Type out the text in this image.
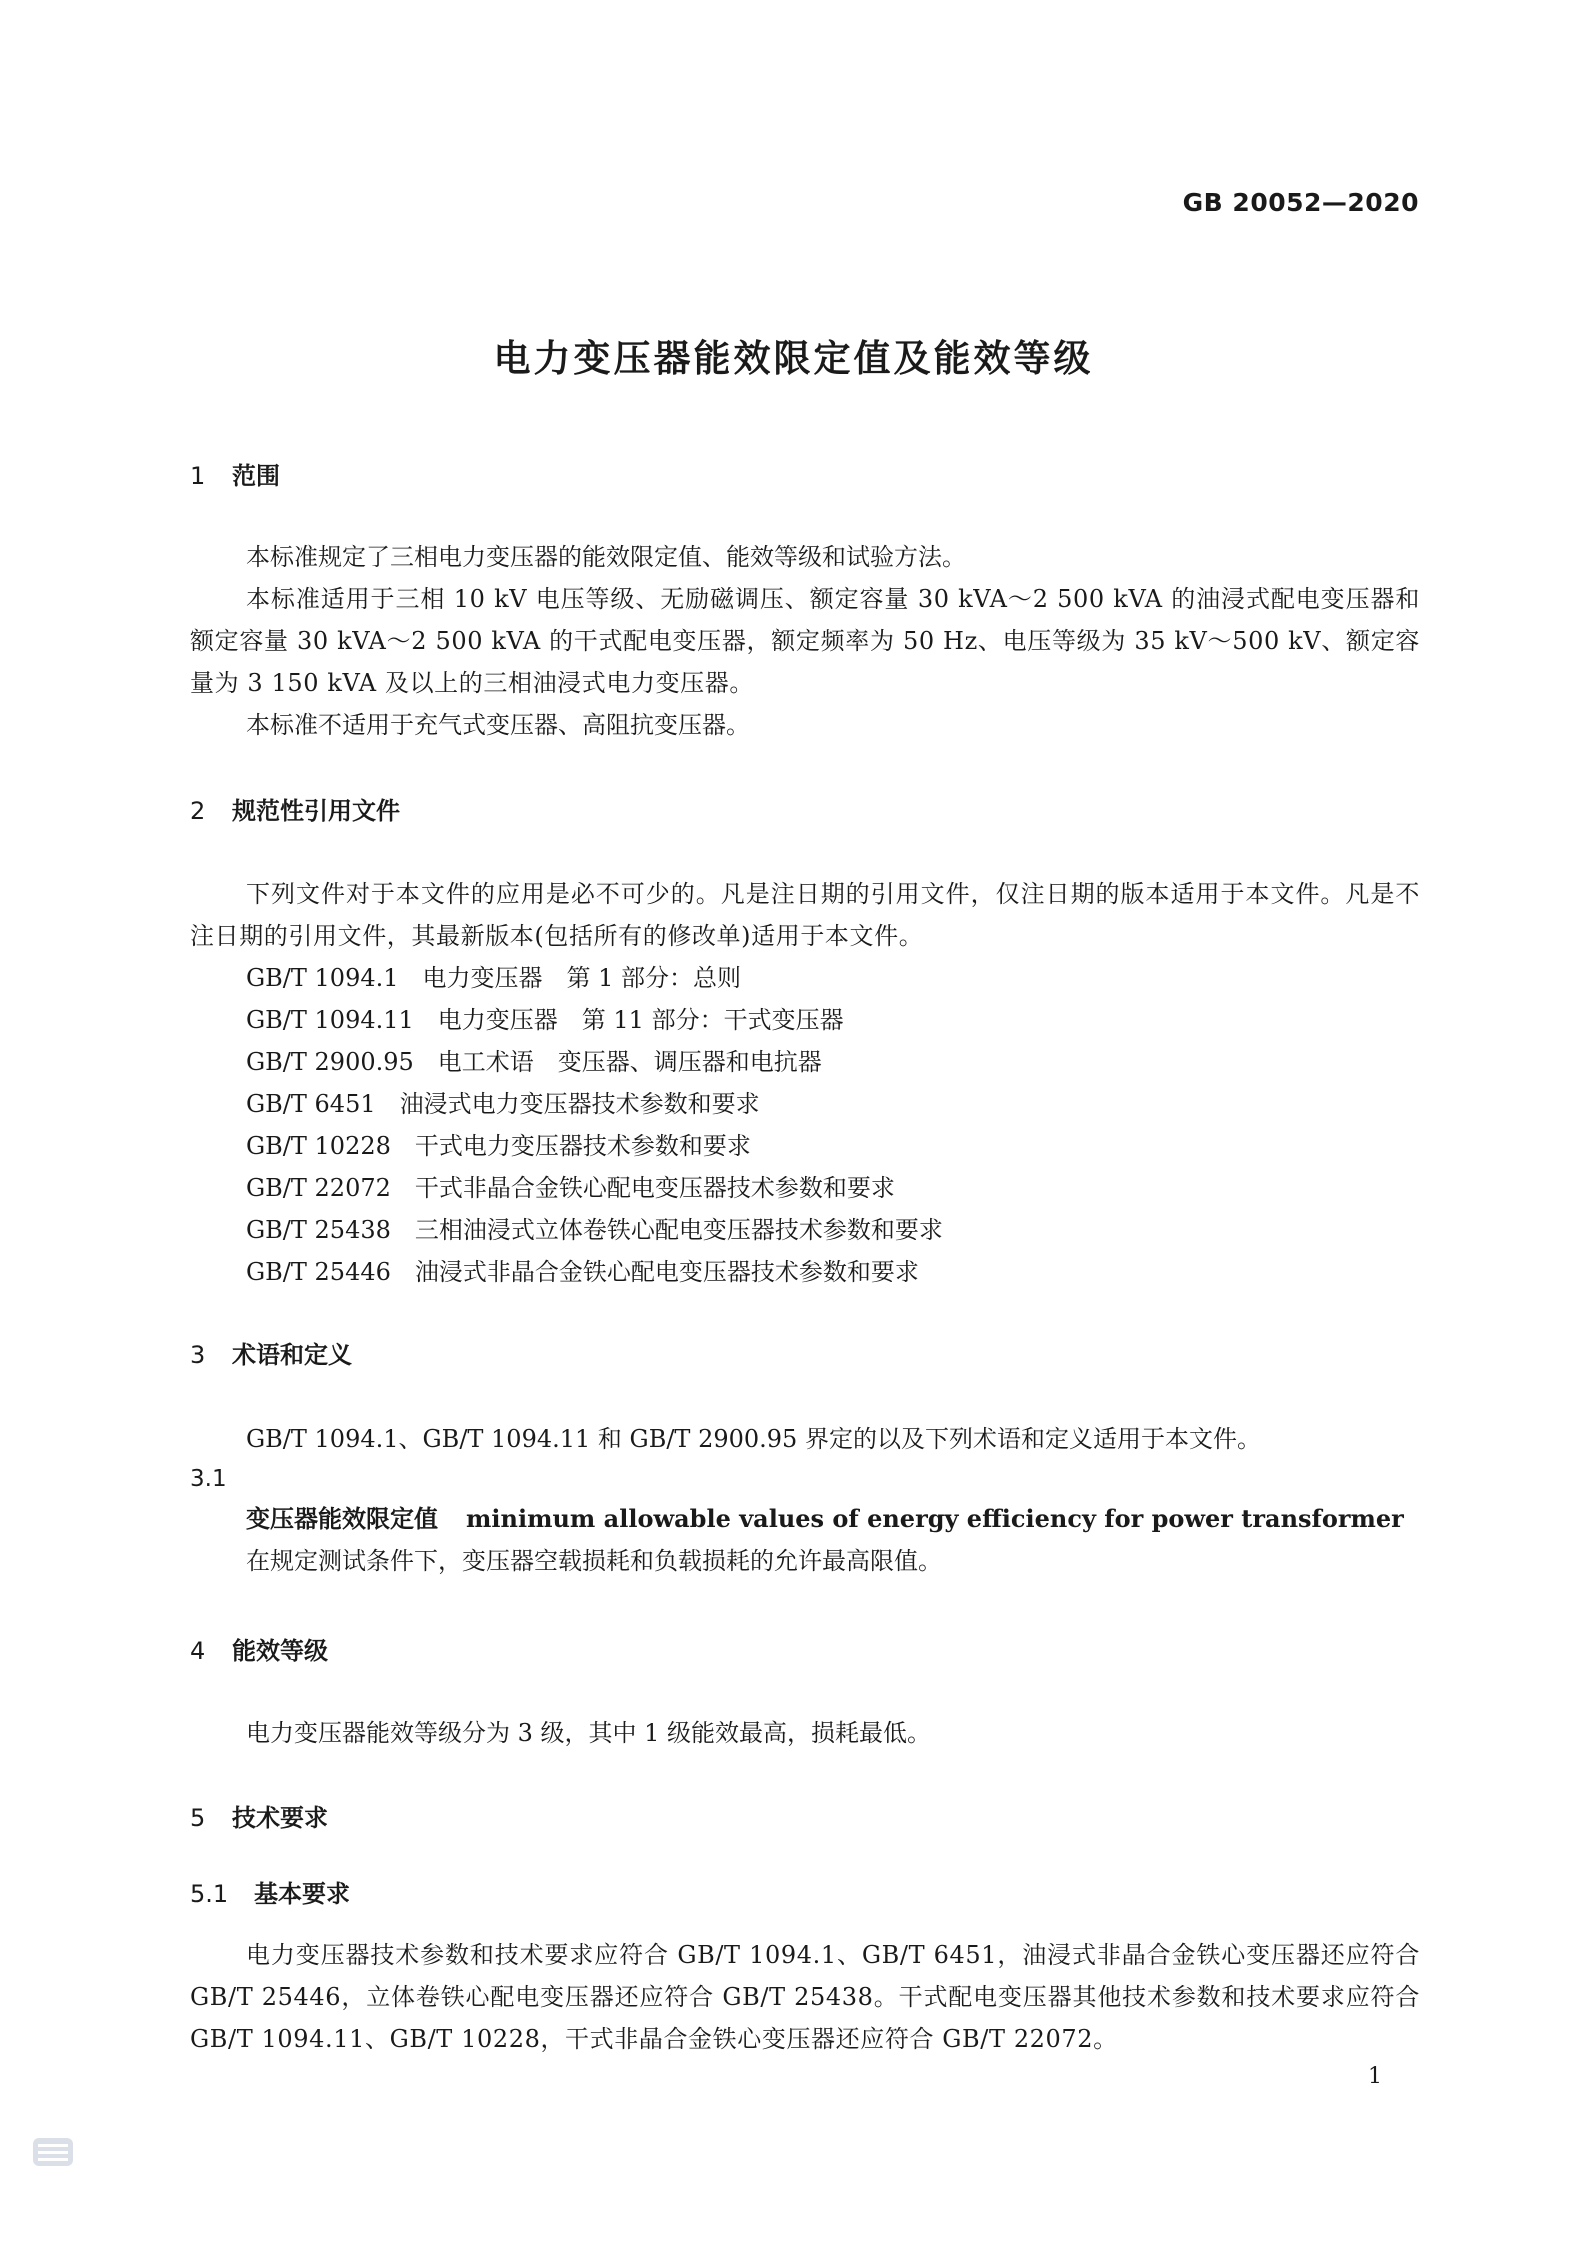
GB 20052—2020
电力变压器能效限定值及能效等级
1 范围

本标准规定了三相电力变压器的能效限定值、能效等级和试验方法。

本标准适用于三相 10 kV 电压等级、无励磁调压、额定容量 30 kVA～2 500 kVA 的油浸式配电变压器和额定容量 30 kVA～2 500 kVA 的干式配电变压器，额定频率为 50 Hz、电压等级为 35 kV～500 kV、额定容量为 3 150 kVA 及以上的三相油浸式电力变压器。

本标准不适用于充气式变压器、高阻抗变压器。

2 规范性引用文件

下列文件对于本文件的应用是必不可少的。凡是注日期的引用文件，仅注日期的版本适用于本文件。凡是不注日期的引用文件，其最新版本(包括所有的修改单)适用于本文件。

GB/T 1094.1 电力变压器　第 1 部分：总则
GB/T 1094.11 电力变压器　第 11 部分：干式变压器
GB/T 2900.95 电工术语　变压器、调压器和电抗器
GB/T 6451 油浸式电力变压器技术参数和要求
GB/T 10228 干式电力变压器技术参数和要求
GB/T 22072 干式非晶合金铁心配电变压器技术参数和要求
GB/T 25438 三相油浸式立体卷铁心配电变压器技术参数和要求
GB/T 25446 油浸式非晶合金铁心配电变压器技术参数和要求
3 术语和定义

GB/T 1094.1、GB/T 1094.11 和 GB/T 2900.95 界定的以及下列术语和定义适用于本文件。

3.1
变压器能效限定值 minimum allowable values of energy efficiency for power transformer

在规定测试条件下，变压器空载损耗和负载损耗的允许最高限值。

4 能效等级

电力变压器能效等级分为 3 级，其中 1 级能效最高，损耗最低。

5 技术要求
5.1 基本要求

电力变压器技术参数和技术要求应符合 GB/T 1094.1、GB/T 6451，油浸式非晶合金铁心变压器还应符合 GB/T 25446，立体卷铁心配电变压器还应符合 GB/T 25438。干式配电变压器其他技术参数和技术要求应符合 GB/T 1094.11、GB/T 10228，干式非晶合金铁心变压器还应符合 GB/T 22072。

1
